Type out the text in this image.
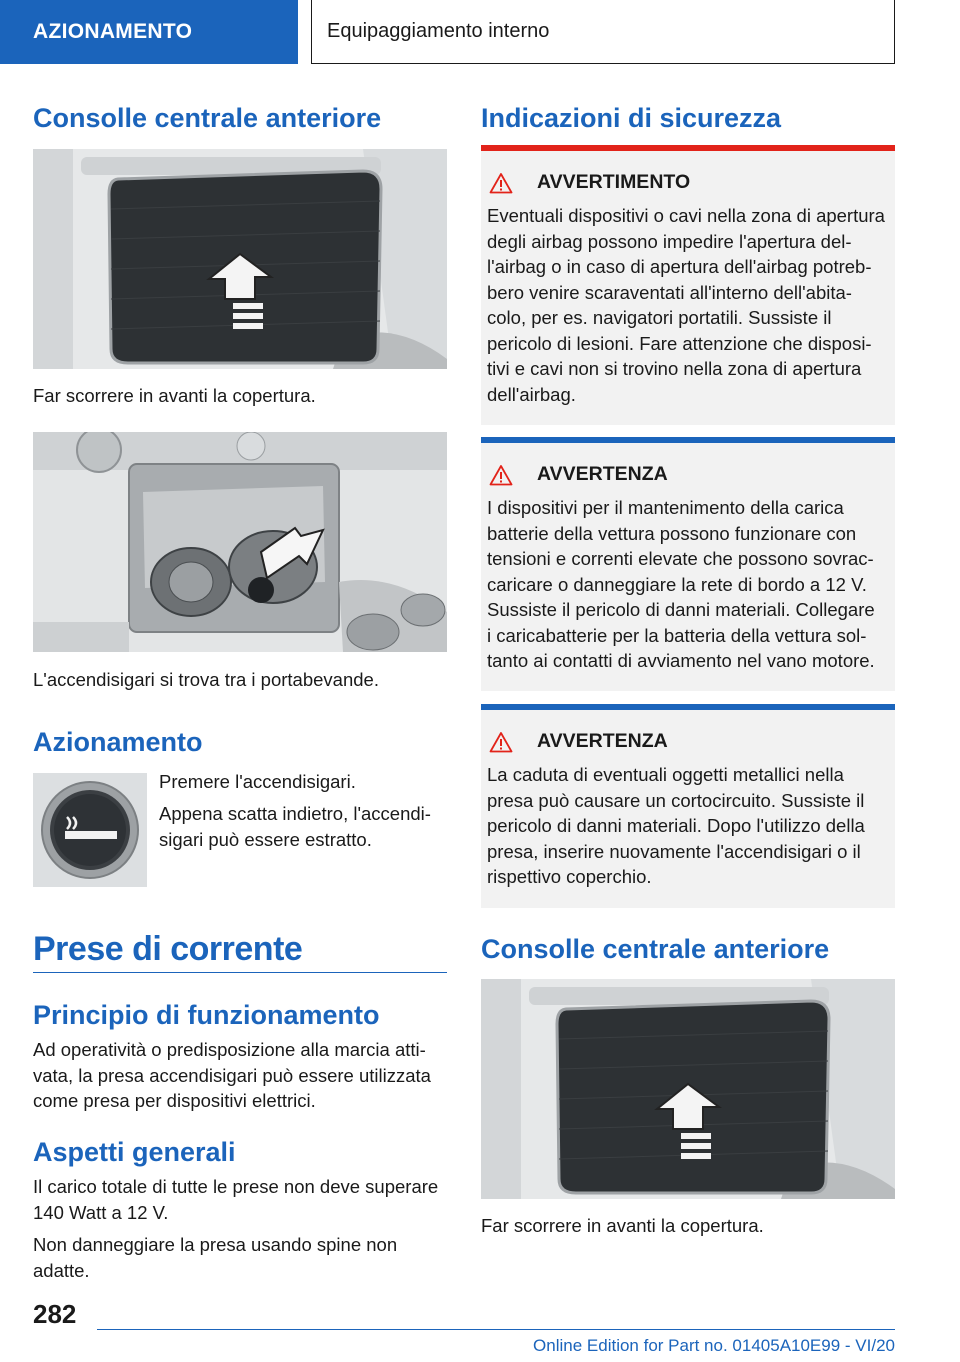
AZIONAMENTO	Equipaggiamento interno
Consolle centrale anteriore
Far scorrere in avanti la copertura.
L'accendisigari si trova tra i portabevande.
Azionamento
Premere l'accendisigari.
Appena scatta indietro, l'accendi-
sigari può essere estratto.
Prese di corrente
Principio di funzionamento
Ad operatività o predisposizione alla marcia atti-
vata, la presa accendisigari può essere utilizzata
come presa per dispositivi elettrici.
Aspetti generali
Il carico totale di tutte le prese non deve superare
140 Watt a 12 V.
Non danneggiare la presa usando spine non
adatte.
Indicazioni di sicurezza
AVVERTIMENTO
Eventuali dispositivi o cavi nella zona di apertura
degli airbag possono impedire l'apertura del-
l'airbag o in caso di apertura dell'airbag potreb-
bero venire scaraventati all'interno dell'abita-
colo, per es. navigatori portatili. Sussiste il
pericolo di lesioni. Fare attenzione che disposi-
tivi e cavi non si trovino nella zona di apertura
dell'airbag.
AVVERTENZA
I dispositivi per il mantenimento della carica
batterie della vettura possono funzionare con
tensioni e correnti elevate che possono sovrac-
caricare o danneggiare la rete di bordo a 12 V.
Sussiste il pericolo di danni materiali. Collegare
i caricabatterie per la batteria della vettura sol-
tanto ai contatti di avviamento nel vano motore.
AVVERTENZA
La caduta di eventuali oggetti metallici nella
presa può causare un cortocircuito. Sussiste il
pericolo di danni materiali. Dopo l'utilizzo della
presa, inserire nuovamente l'accendisigari o il
rispettivo coperchio.
Consolle centrale anteriore
Far scorrere in avanti la copertura.
282
Online Edition for Part no. 01405A10E99 - VI/20
